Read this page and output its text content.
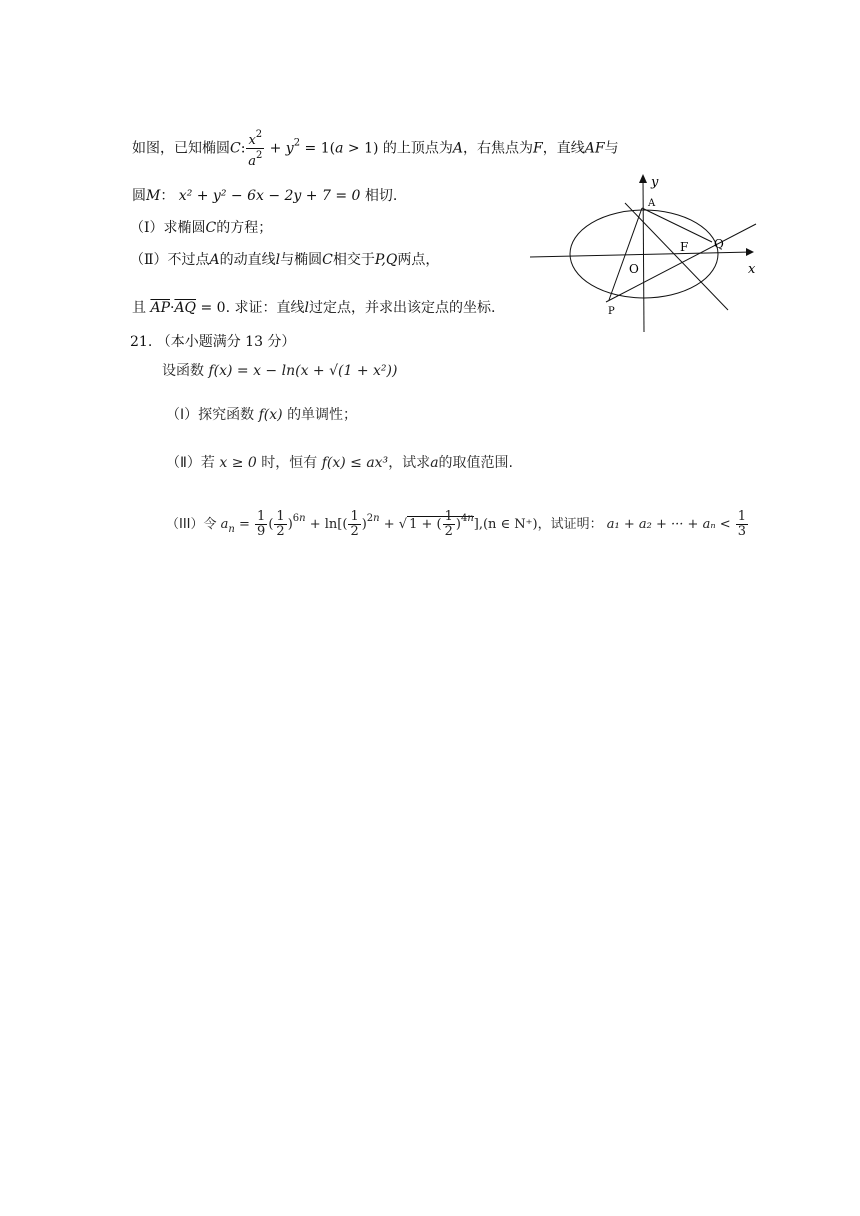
如图，已知椭圆C: $\frac{x^2}{a^2} + y^2 = 1(a > 1)$ 的上顶点为A，右焦点为F，直线AF与
圆M： x² + y² − 6x − 2y + 7 = 0 相切.
（Ⅰ）求椭圆C的方程；
（Ⅱ）不过点A的动直线l与椭圆C相交于P,Q两点，
且 $\overline{AP}\cdot\overline{AQ} = 0$. 求证：直线l过定点，并求出该定点的坐标.
y
x
A
F Q
O
P
21. （本小题满分 13 分）
设函数 f(x) = x − ln(x + √(1 + x²))
（Ⅰ）探究函数 f(x) 的单调性；
（Ⅱ）若 x ≥ 0 时，恒有 f(x) ≤ ax³，试求a的取值范围.
（III）令 $a_n = \frac{1}{9}$ ( $\frac{1}{2} )^{6n} + \ln[( \frac{1}{2} )^{2n}$ + √ 1 + ( $\frac{1}{2} )^{4n}],(n$ ∈ N⁺)，试证明： a₁ + a₂ + ··· + $a_n < \frac{1}{3}$
